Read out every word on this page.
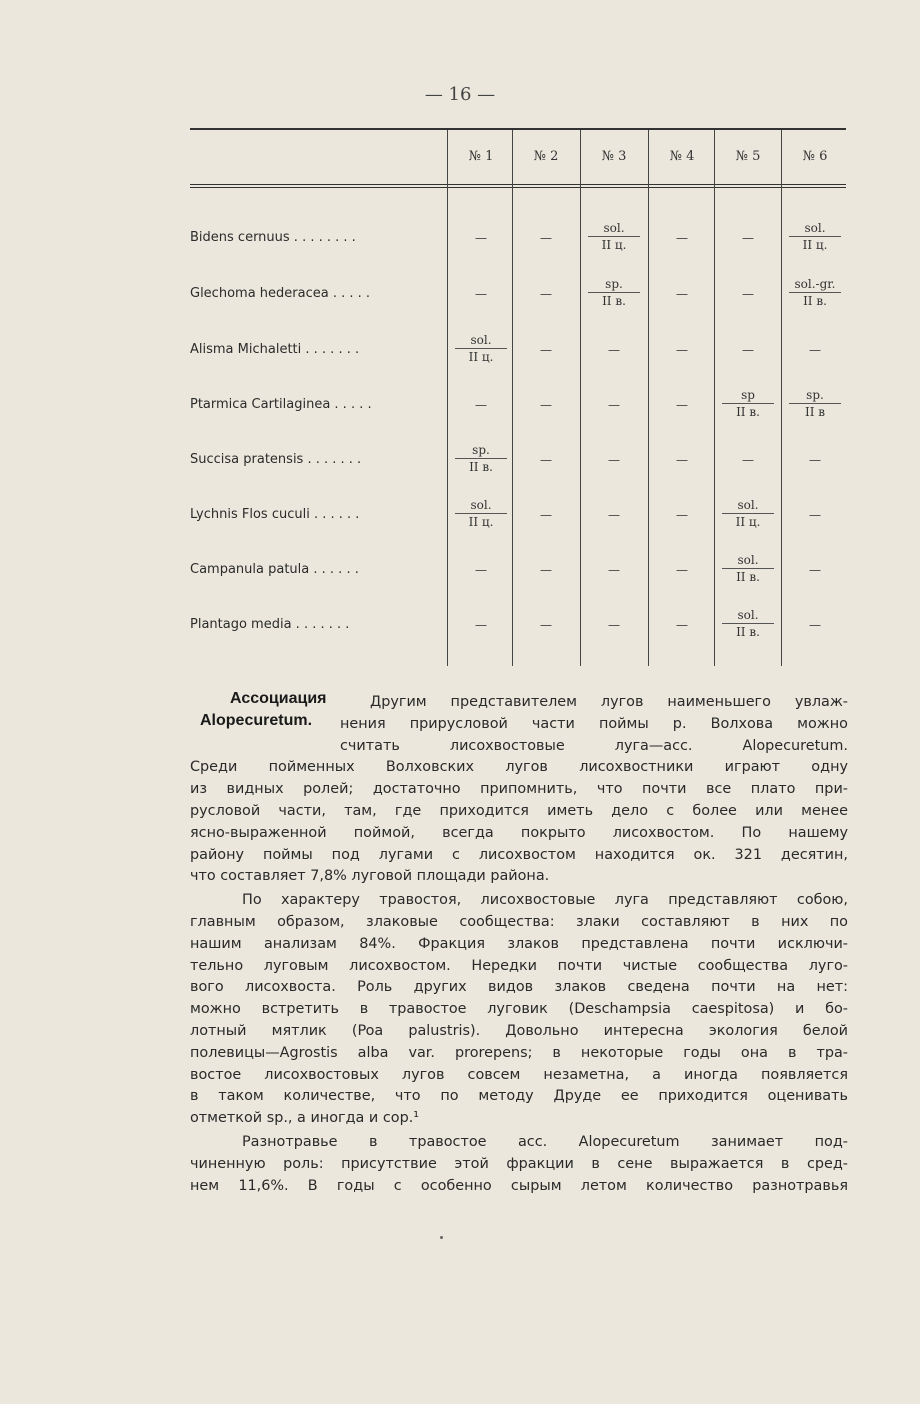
— 16 —
№ 1	№ 2	№ 3	№ 4	№ 5	№ 6
Bidens cernuus . . . . . . . .	—	—
sol.
II ц.	—	—
sol.
II ц.
Glechoma hederacea . . . . .	—	—
sp.
II в.	—	—
sol.-gr.
II в.
Alisma Michaletti . . . . . . .
sol.
II ц.	—	—	—	—	—
Ptarmica Cartilaginea . . . . .	—	—	—	—
sp
II в.
sp.
II в
Succisa pratensis . . . . . . .
sp.
II в.	—	—	—	—	—
Lychnis Flos cuculi . . . . . .
sol.
II ц.	—	—	—
sol.
II ц.	—
Campanula patula . . . . . .	—	—	—	—
sol.
II в.	—
Plantago media . . . . . . .	—	—	—	—
sol.
II в.	—
Ассоциация
Alopecuretum.
Другим представителем лугов наименьшего увлаж-
нения прирусловой части поймы р. Волхова можно
считать лисохвостовые луга—асс. Alopecuretum.
Среди пойменных Волховских лугов лисохвостники играют одну
из видных ролей; достаточно припомнить, что почти все плато при-
русловой части, там, где приходится иметь дело с более или менее
ясно-выраженной поймой, всегда покрыто лисохвостом. По нашему
району поймы под лугами с лисохвостом находится ок. 321 десятин,
что составляет 7,8% луговой площади района.
По характеру травостоя, лисохвостовые луга представляют собою,
главным образом, злаковые сообщества: злаки составляют в них по
нашим анализам 84%. Фракция злаков представлена почти исключи-
тельно луговым лисохвостом. Нередки почти чистые сообщества луго-
вого лисохвоста. Роль других видов злаков сведена почти на нет:
можно встретить в травостое луговик (Deschampsia caespitosa) и бо-
лотный мятлик (Poa palustris). Довольно интересна экология белой
полевицы—Agrostis alba var. prorepens; в некоторые годы она в тра-
востое лисохвостовых лугов совсем незаметна, а иногда появляется
в таком количестве, что по методу Друде ее приходится оценивать
отметкой sp., а иногда и cop.¹
Разнотравье в травостое асс. Alopecuretum занимает под-
чиненную роль: присутствие этой фракции в сене выражается в сред-
нем 11,6%. В годы с особенно сырым летом количество разнотравья
